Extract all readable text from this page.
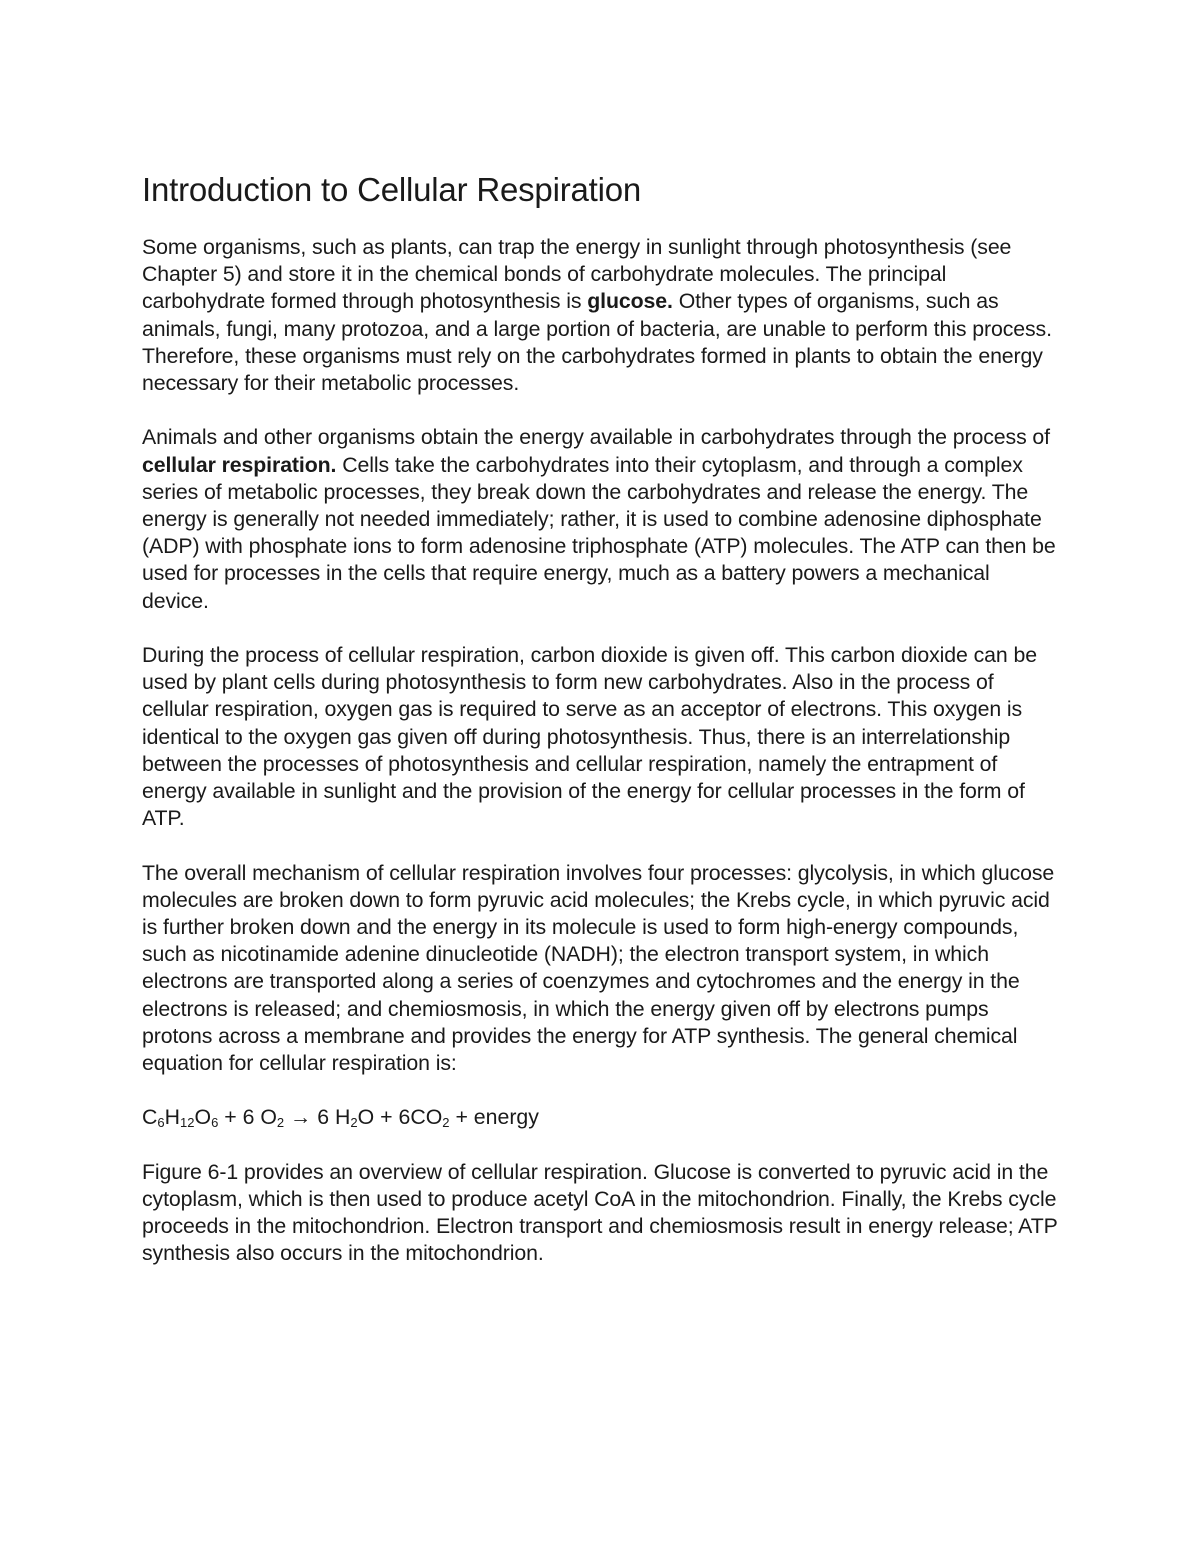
Introduction to Cellular Respiration

Some organisms, such as plants, can trap the energy in sunlight through photosynthesis (see Chapter 5) and store it in the chemical bonds of carbohydrate molecules. The principal carbohydrate formed through photosynthesis is glucose. Other types of organisms, such as animals, fungi, many protozoa, and a large portion of bacteria, are unable to perform this process. Therefore, these organisms must rely on the carbohydrates formed in plants to obtain the energy necessary for their metabolic processes.

Animals and other organisms obtain the energy available in carbohydrates through the process of cellular respiration. Cells take the carbohydrates into their cytoplasm, and through a complex series of metabolic processes, they break down the carbohydrates and release the energy. The energy is generally not needed immediately; rather, it is used to combine adenosine diphosphate (ADP) with phosphate ions to form adenosine triphosphate (ATP) molecules. The ATP can then be used for processes in the cells that require energy, much as a battery powers a mechanical device.

During the process of cellular respiration, carbon dioxide is given off. This carbon dioxide can be used by plant cells during photosynthesis to form new carbohydrates. Also in the process of cellular respiration, oxygen gas is required to serve as an acceptor of electrons. This oxygen is identical to the oxygen gas given off during photosynthesis. Thus, there is an interrelationship between the processes of photosynthesis and cellular respiration, namely the entrapment of energy available in sunlight and the provision of the energy for cellular processes in the form of ATP.

The overall mechanism of cellular respiration involves four processes: glycolysis, in which glucose molecules are broken down to form pyruvic acid molecules; the Krebs cycle, in which pyruvic acid is further broken down and the energy in its molecule is used to form high-energy compounds, such as nicotinamide adenine dinucleotide (NADH); the electron transport system, in which electrons are transported along a series of coenzymes and cytochromes and the energy in the electrons is released; and chemiosmosis, in which the energy given off by electrons pumps protons across a membrane and provides the energy for ATP synthesis. The general chemical equation for cellular respiration is:

$C_6H_{12}O_6 + 6$ $O_2 \to 6$ $H_2O + 6CO_2$ + energy

Figure 6-1 provides an overview of cellular respiration. Glucose is converted to pyruvic acid in the cytoplasm, which is then used to produce acetyl CoA in the mitochondrion. Finally, the Krebs cycle proceeds in the mitochondrion. Electron transport and chemiosmosis result in energy release; ATP synthesis also occurs in the mitochondrion.
